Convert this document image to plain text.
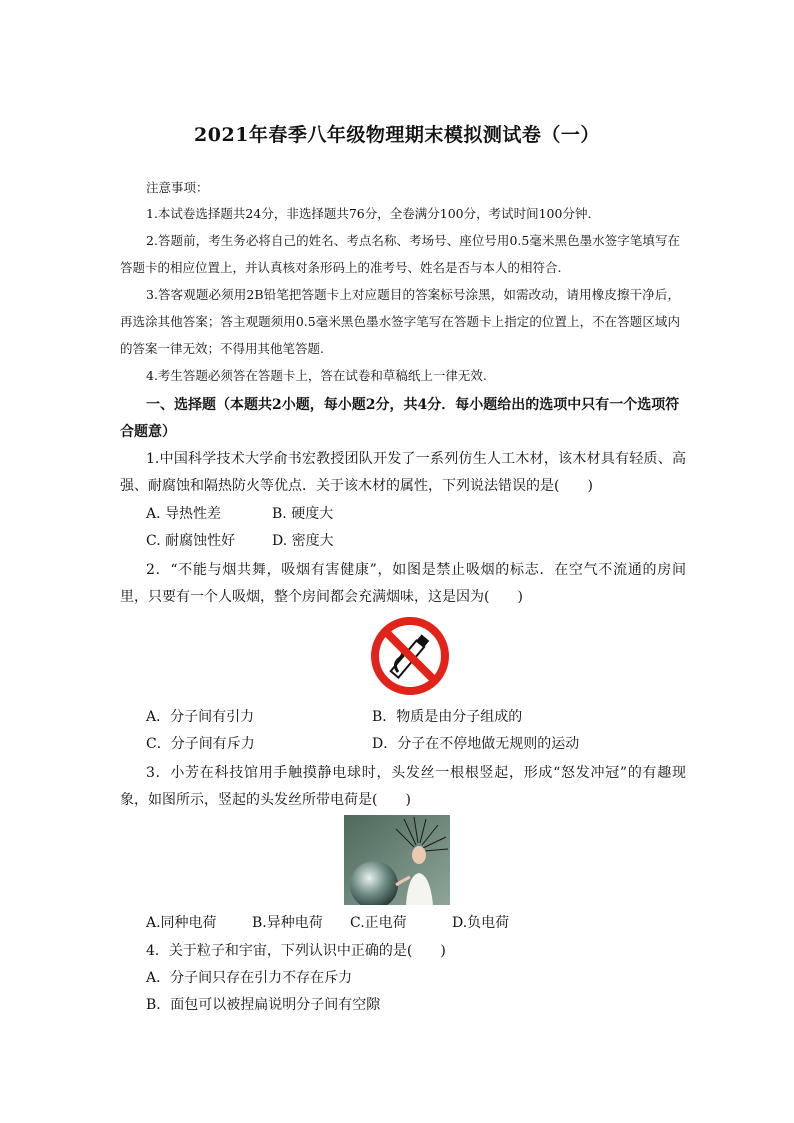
2021年春季八年级物理期末模拟测试卷（一）
注意事项：
1.本试卷选择题共24分，非选择题共76分，全卷满分100分，考试时间100分钟.
2.答题前，考生务必将自己的姓名、考点名称、考场号、座位号用0.5毫米黑色墨水签字笔填写在答题卡的相应位置上，并认真核对条形码上的准考号、姓名是否与本人的相符合.
3.答客观题必须用2B铅笔把答题卡上对应题目的答案标号涂黑，如需改动，请用橡皮擦干净后，再选涂其他答案；答主观题须用0.5毫米黑色墨水签字笔写在答题卡上指定的位置上，不在答题区域内的答案一律无效；不得用其他笔答题.
4.考生答题必须答在答题卡上，答在试卷和草稿纸上一律无效.
一、选择题（本题共2小题，每小题2分，共4分．每小题给出的选项中只有一个选项符合题意）
1.中国科学技术大学俞书宏教授团队开发了一系列仿生人工木材，该木材具有轻质、高强、耐腐蚀和隔热防火等优点．关于该木材的属性，下列说法错误的是(　　)
A. 导热性差	B. 硬度大
C. 耐腐蚀性好	D. 密度大
2．“不能与烟共舞，吸烟有害健康”，如图是禁止吸烟的标志．在空气不流通的房间里，只要有一个人吸烟，整个房间都会充满烟味，这是因为(　　)
A．分子间有引力	B．物质是由分子组成的
C．分子间有斥力	D．分子在不停地做无规则的运动
3．小芳在科技馆用手触摸静电球时，头发丝一根根竖起，形成“怒发冲冠”的有趣现象，如图所示，竖起的头发丝所带电荷是(　　)
A.同种电荷	B.异种电荷 C.正电荷	D.负电荷
4．关于粒子和宇宙，下列认识中正确的是(　　)
A．分子间只存在引力不存在斥力
B．面包可以被捏扁说明分子间有空隙
